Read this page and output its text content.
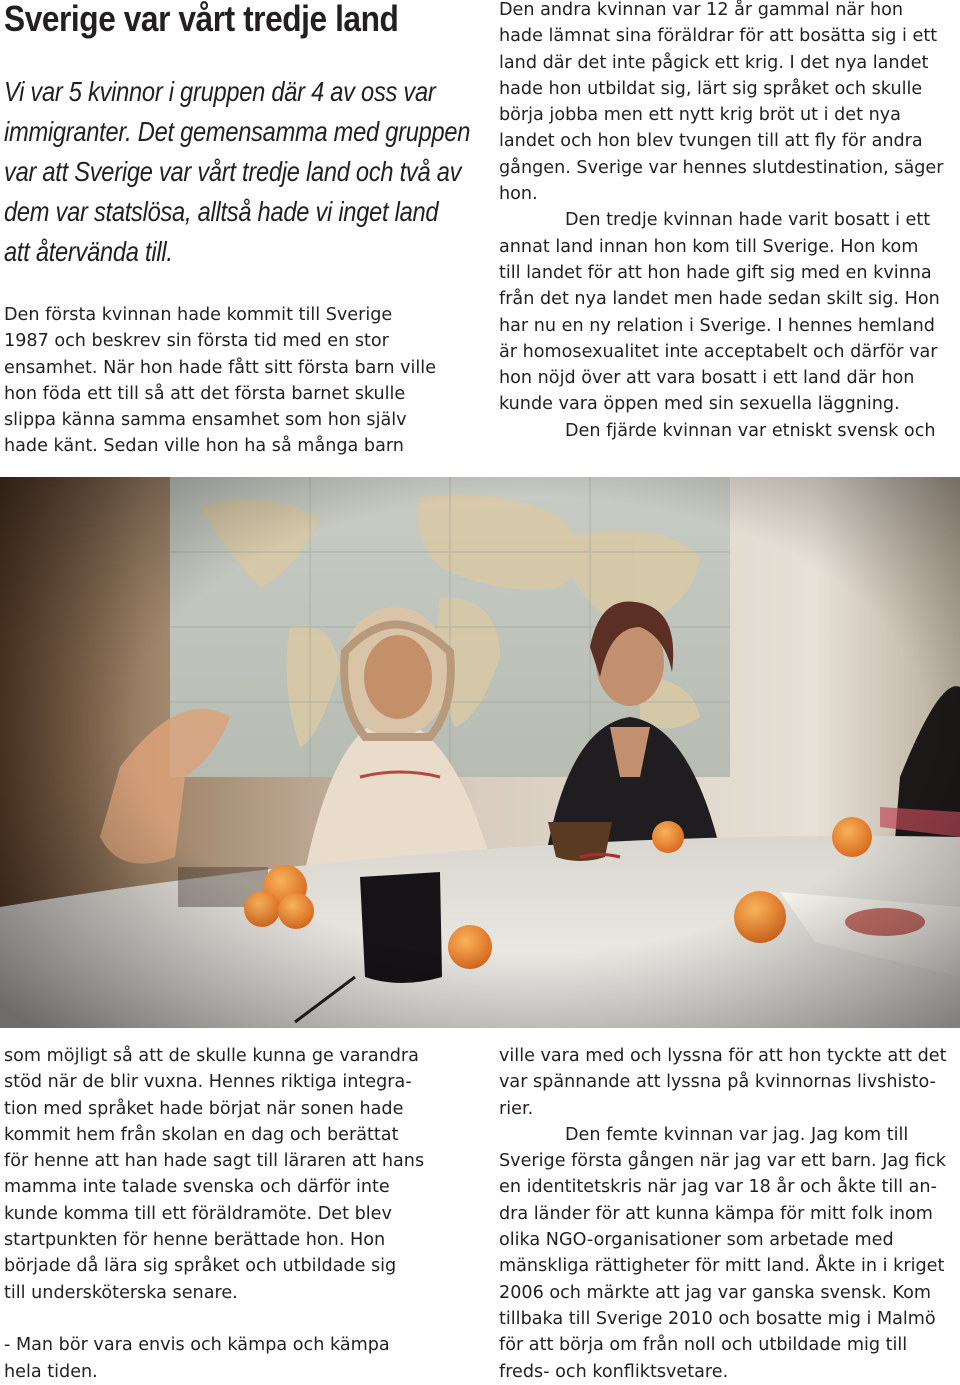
Sverige var vårt tredje land
Vi var 5 kvinnor i gruppen där 4 av oss var
immigranter. Det gemensamma med gruppen
var att Sverige var vårt tredje land och två av
dem var statslösa, alltså hade vi inget land
att återvända till.
Den första kvinnan hade kommit till Sverige
1987 och beskrev sin första tid med en stor
ensamhet. När hon hade fått sitt första barn ville
hon föda ett till så att det första barnet skulle
slippa känna samma ensamhet som hon själv
hade känt. Sedan ville hon ha så många barn
Den andra kvinnan var 12 år gammal när hon
hade lämnat sina föräldrar för att bosätta sig i ett
land där det inte pågick ett krig. I det nya landet
hade hon utbildat sig, lärt sig språket och skulle
börja jobba men ett nytt krig bröt ut i det nya
landet och hon blev tvungen till att fly för andra
gången. Sverige var hennes slutdestination, säger
hon.
Den tredje kvinnan hade varit bosatt i ett
annat land innan hon kom till Sverige. Hon kom
till landet för att hon hade gift sig med en kvinna
från det nya landet men hade sedan skilt sig. Hon
har nu en ny relation i Sverige. I hennes hemland
är homosexualitet inte acceptabelt och därför var
hon nöjd över att vara bosatt i ett land där hon
kunde vara öppen med sin sexuella läggning.
Den fjärde kvinnan var etniskt svensk och
som möjligt så att de skulle kunna ge varandra
stöd när de blir vuxna. Hennes riktiga integra-
tion med språket hade börjat när sonen hade
kommit hem från skolan en dag och berättat
för henne att han hade sagt till läraren att hans
mamma inte talade svenska och därför inte
kunde komma till ett föräldramöte. Det blev
startpunkten för henne berättade hon. Hon
började då lära sig språket och utbildade sig
till undersköterska senare.
- Man bör vara envis och kämpa och kämpa
hela tiden.
ville vara med och lyssna för att hon tyckte att det
var spännande att lyssna på kvinnornas livshisto-
rier.
Den femte kvinnan var jag. Jag kom till
Sverige första gången när jag var ett barn. Jag fick
en identitetskris när jag var 18 år och åkte till an-
dra länder för att kunna kämpa för mitt folk inom
olika NGO-organisationer som arbetade med
mänskliga rättigheter för mitt land. Åkte in i kriget
2006 och märkte att jag var ganska svensk. Kom
tillbaka till Sverige 2010 och bosatte mig i Malmö
för att börja om från noll och utbildade mig till
freds- och konfliktsvetare.
